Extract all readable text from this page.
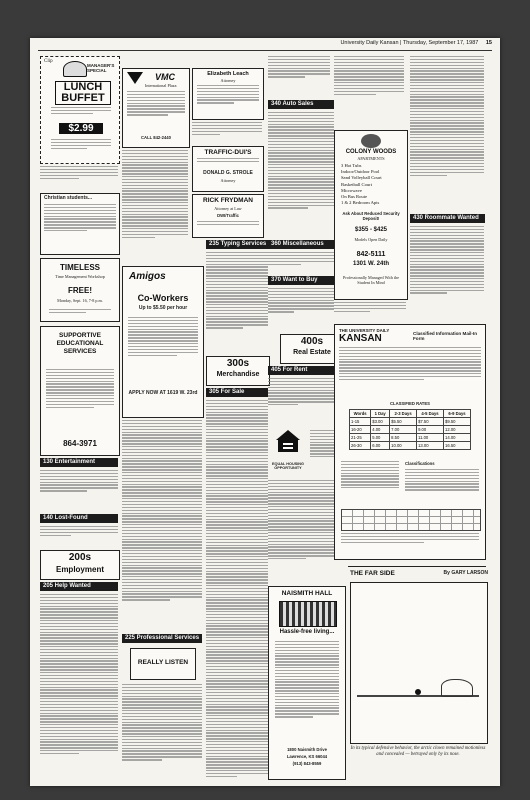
University Daily Kansan | Thursday, September 17, 1987 15
Clip
MANAGER'S SPECIAL
LUNCH BUFFET
$2.99
Christian students...
TIMELESS
Time Management Workshop
FREE!
Monday, Sept. 16, 7-8 p.m.
SUPPORTIVE EDUCATIONAL SERVICES
864-3971
130 Entertainment
140 Lost-Found
200s
Employment
205 Help Wanted
VMC
International Plaza
CALL 842-2440
Amigos
Co-Workers
Up to $5.50 per hour
APPLY NOW AT 1619 W. 23rd
225 Professional Services
REALLY LISTEN
Elizabeth Leach
Attorney
TRAFFIC-DUI'S
DONALD G. STROLE
Attorney
RICK FRYDMAN
Attorney at Law
DWI/Traffic
235 Typing Services
300s
Merchandise
305 For Sale
340 Auto Sales
360 Miscellaneous
370 Want to Buy
400s
Real Estate
405 For Rent
EQUAL HOUSING OPPORTUNITY
NAISMITH HALL
Hassle-free living...
1800 Naismith Drive
Lawrence, KS 66044
(913) 843-8559
COLONY WOODS
APARTMENTS
3 Hot Tubs
Indoor/Outdoor Pool
Sand Volleyball Court
Basketball Court
Microwave
On Bus Route
1 & 2 Bedroom Apts
Ask About Reduced Security Deposit!
$355 - $425
Models Open Daily
842-5111
1301 W. 24th
Professionally Managed With the Student In Mind
THE UNIVERSITY DAILY
KANSAN	Classified Information Mail-In Form
CLASSIFIED RATES
Words	1 Day	2-3 Days	4-5 Days	6-9 Days
1-15	$3.00	$5.50	$7.50	$9.50
16-20	4.00	7.00	9.00	12.00
21-25	5.00	8.50	11.00	14.00
26-30	6.00	10.00	13.00	16.50
Classifications
430 Roommate Wanted
THE FAR SIDE	By GARY LARSON
In its typical defensive behavior, the arctic clown remained motionless and concealed — betrayed only by its nose.
